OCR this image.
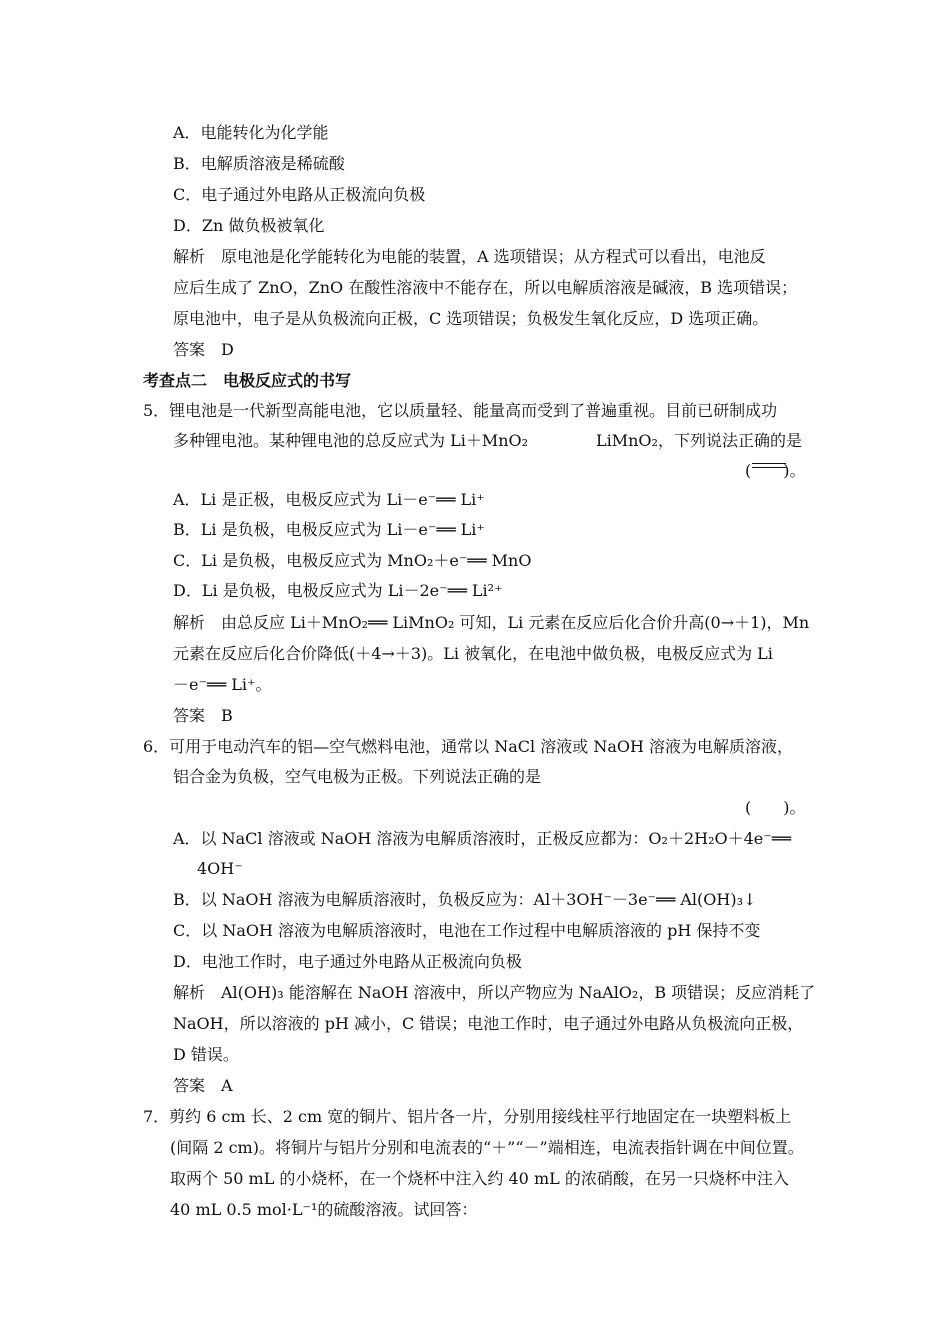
A．电能转化为化学能
B．电解质溶液是稀硫酸
C．电子通过外电路从正极流向负极
D．Zn 做负极被氧化
解析　原电池是化学能转化为电能的装置，A 选项错误；从方程式可以看出，电池反
应后生成了 ZnO，ZnO 在酸性溶液中不能存在，所以电解质溶液是碱液，B 选项错误；
原电池中，电子是从负极流向正极，C 选项错误；负极发生氧化反应，D 选项正确。
答案　D
考查点二　电极反应式的书写
5．锂电池是一代新型高能电池，它以质量轻、能量高而受到了普遍重视。目前已研制成功
多种锂电池。某种锂电池的总反应式为 Li＋MnO₂	LiMnO₂，下列说法正确的是
(　　)。
A．Li 是正极，电极反应式为 Li－e⁻══ Li⁺
B．Li 是负极，电极反应式为 Li－e⁻══ Li⁺
C．Li 是负极，电极反应式为 MnO₂＋e⁻══ MnO
D．Li 是负极，电极反应式为 Li－2e⁻══ Li²⁺
解析　由总反应 Li＋MnO₂══ LiMnO₂ 可知，Li 元素在反应后化合价升高(0→＋1)，Mn
元素在反应后化合价降低(＋4→＋3)。Li 被氧化，在电池中做负极，电极反应式为 Li
－e⁻══ Li⁺。
答案　B
6．可用于电动汽车的铝—空气燃料电池，通常以 NaCl 溶液或 NaOH 溶液为电解质溶液，
铝合金为负极，空气电极为正极。下列说法正确的是
(　　)。
A．以 NaCl 溶液或 NaOH 溶液为电解质溶液时，正极反应都为：O₂＋2H₂O＋4e⁻══
4OH⁻
B．以 NaOH 溶液为电解质溶液时，负极反应为：Al＋3OH⁻－3e⁻══ Al(OH)₃↓
C．以 NaOH 溶液为电解质溶液时，电池在工作过程中电解质溶液的 pH 保持不变
D．电池工作时，电子通过外电路从正极流向负极
解析　Al(OH)₃ 能溶解在 NaOH 溶液中，所以产物应为 NaAlO₂，B 项错误；反应消耗了
NaOH，所以溶液的 pH 减小，C 错误；电池工作时，电子通过外电路从负极流向正极，
D 错误。
答案　A
7．剪约 6 cm 长、2 cm 宽的铜片、铝片各一片，分别用接线柱平行地固定在一块塑料板上
(间隔 2 cm)。将铜片与铝片分别和电流表的“＋”“－”端相连，电流表指针调在中间位置。
取两个 50 mL 的小烧杯，在一个烧杯中注入约 40 mL 的浓硝酸，在另一只烧杯中注入
40 mL 0.5 mol·L⁻¹的硫酸溶液。试回答：
